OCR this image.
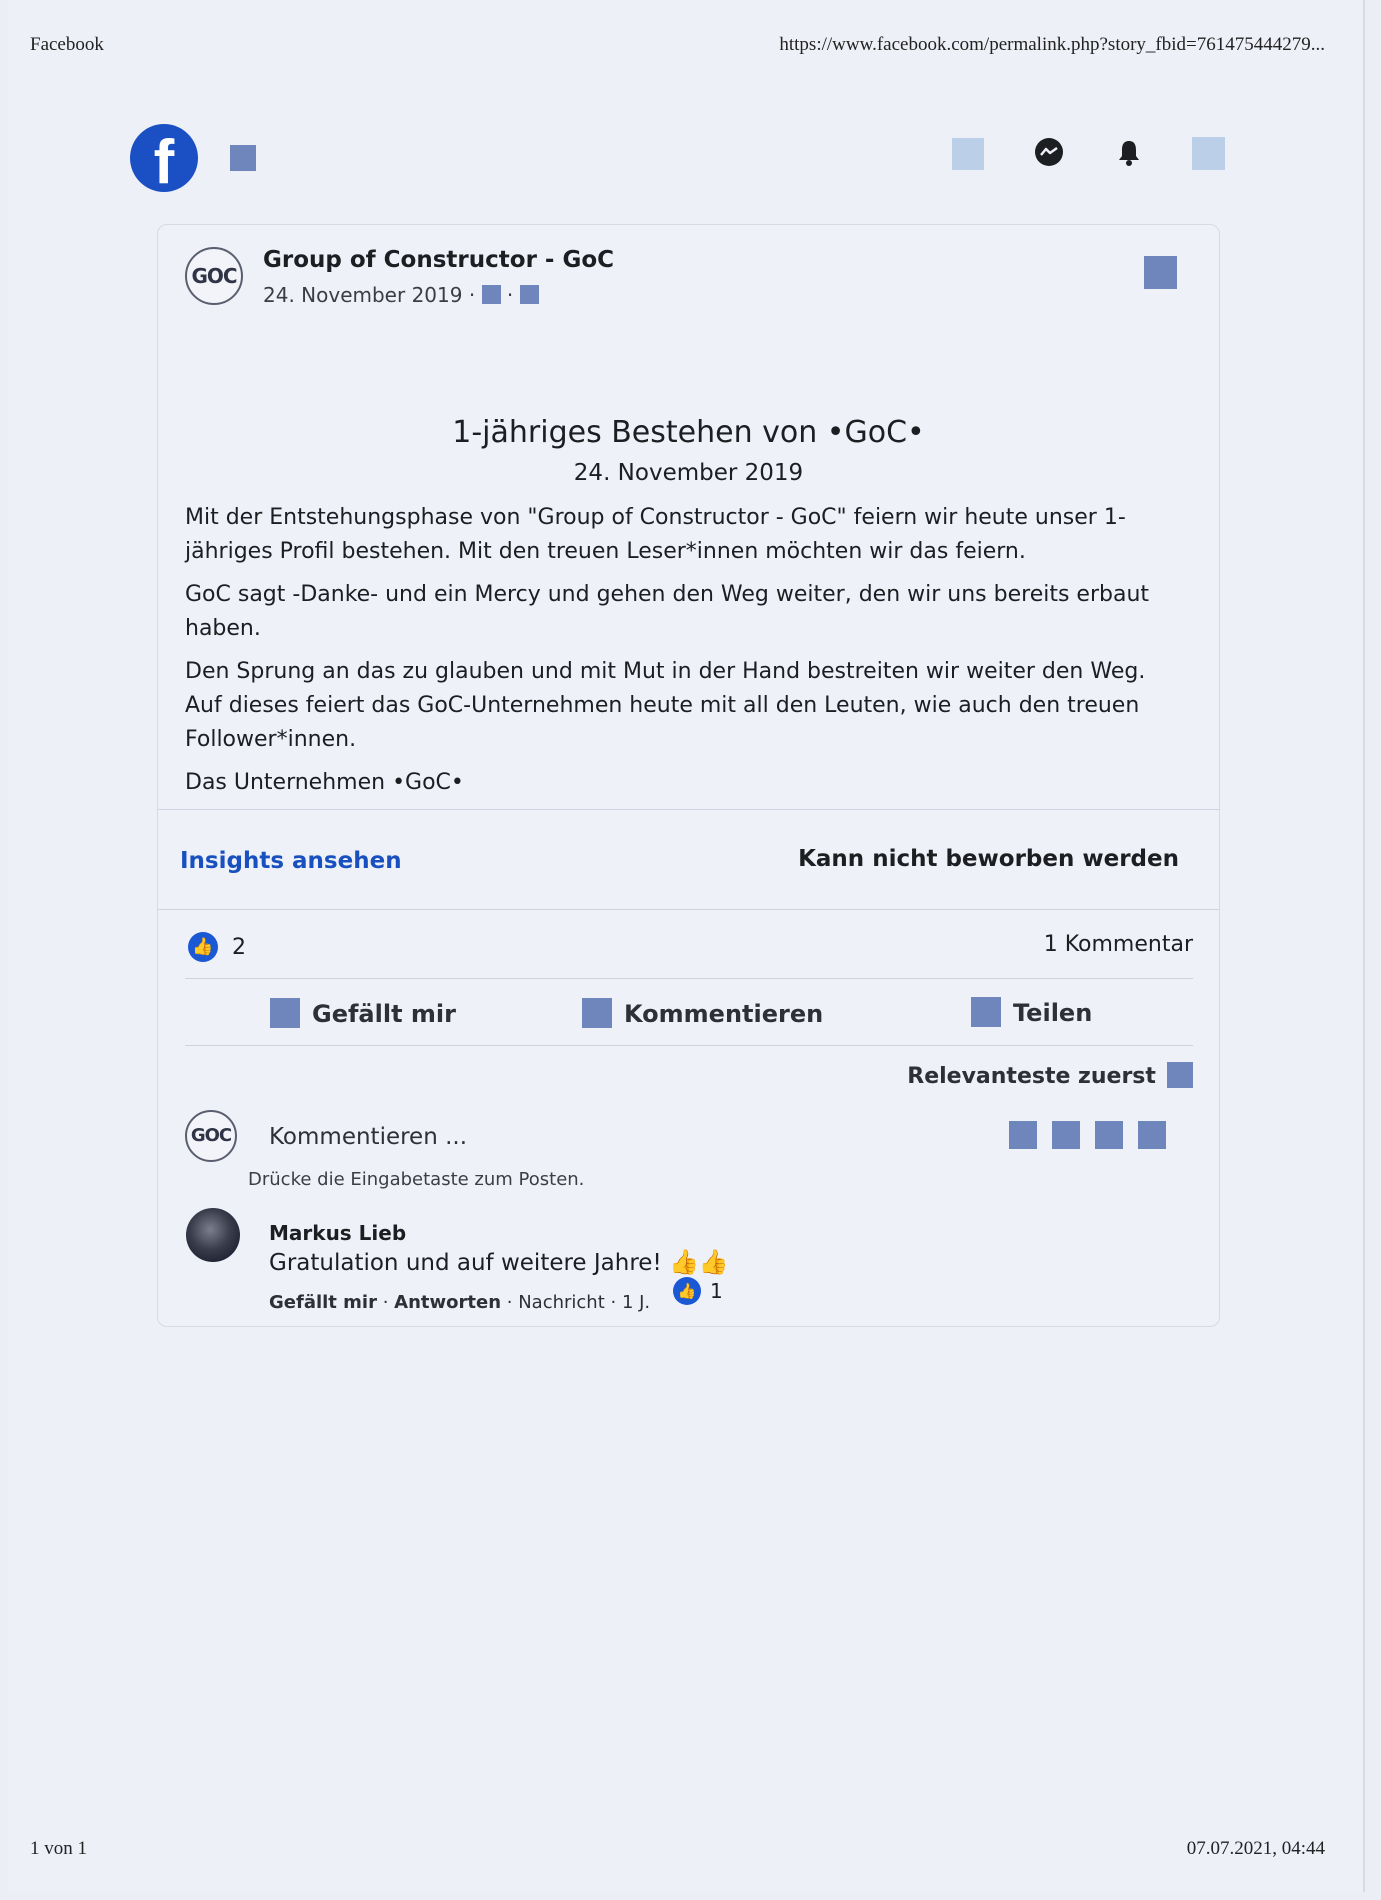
Facebook	https://www.facebook.com/permalink.php?story_fbid=761475444279...
f
GOC
Group of Constructor - GoC
24. November 2019 ·  ·
1-jähriges Bestehen von •GoC•
24. November 2019
Mit der Entstehungsphase von "Group of Constructor - GoC" feiern wir heute unser 1-jähriges Profil bestehen. Mit den treuen Leser*innen möchten wir das feiern.
GoC sagt -Danke- und ein Mercy und gehen den Weg weiter, den wir uns bereits erbaut haben.
Den Sprung an das zu glauben und mit Mut in der Hand bestreiten wir weiter den Weg. Auf dieses feiert das GoC-Unternehmen heute mit all den Leuten, wie auch den treuen Follower*innen.
Das Unternehmen •GoC•
Insights ansehen	Kann nicht beworben werden
👍 2	1 Kommentar
Gefällt mir	Kommentieren	Teilen
Relevanteste zuerst
GOC Kommentieren ...
Drücke die Eingabetaste zum Posten.
Markus Lieb
Gratulation und auf weitere Jahre! 👍👍
👍 1
Gefällt mir · Antworten · Nachricht · 1 J.
1 von 1	07.07.2021, 04:44
